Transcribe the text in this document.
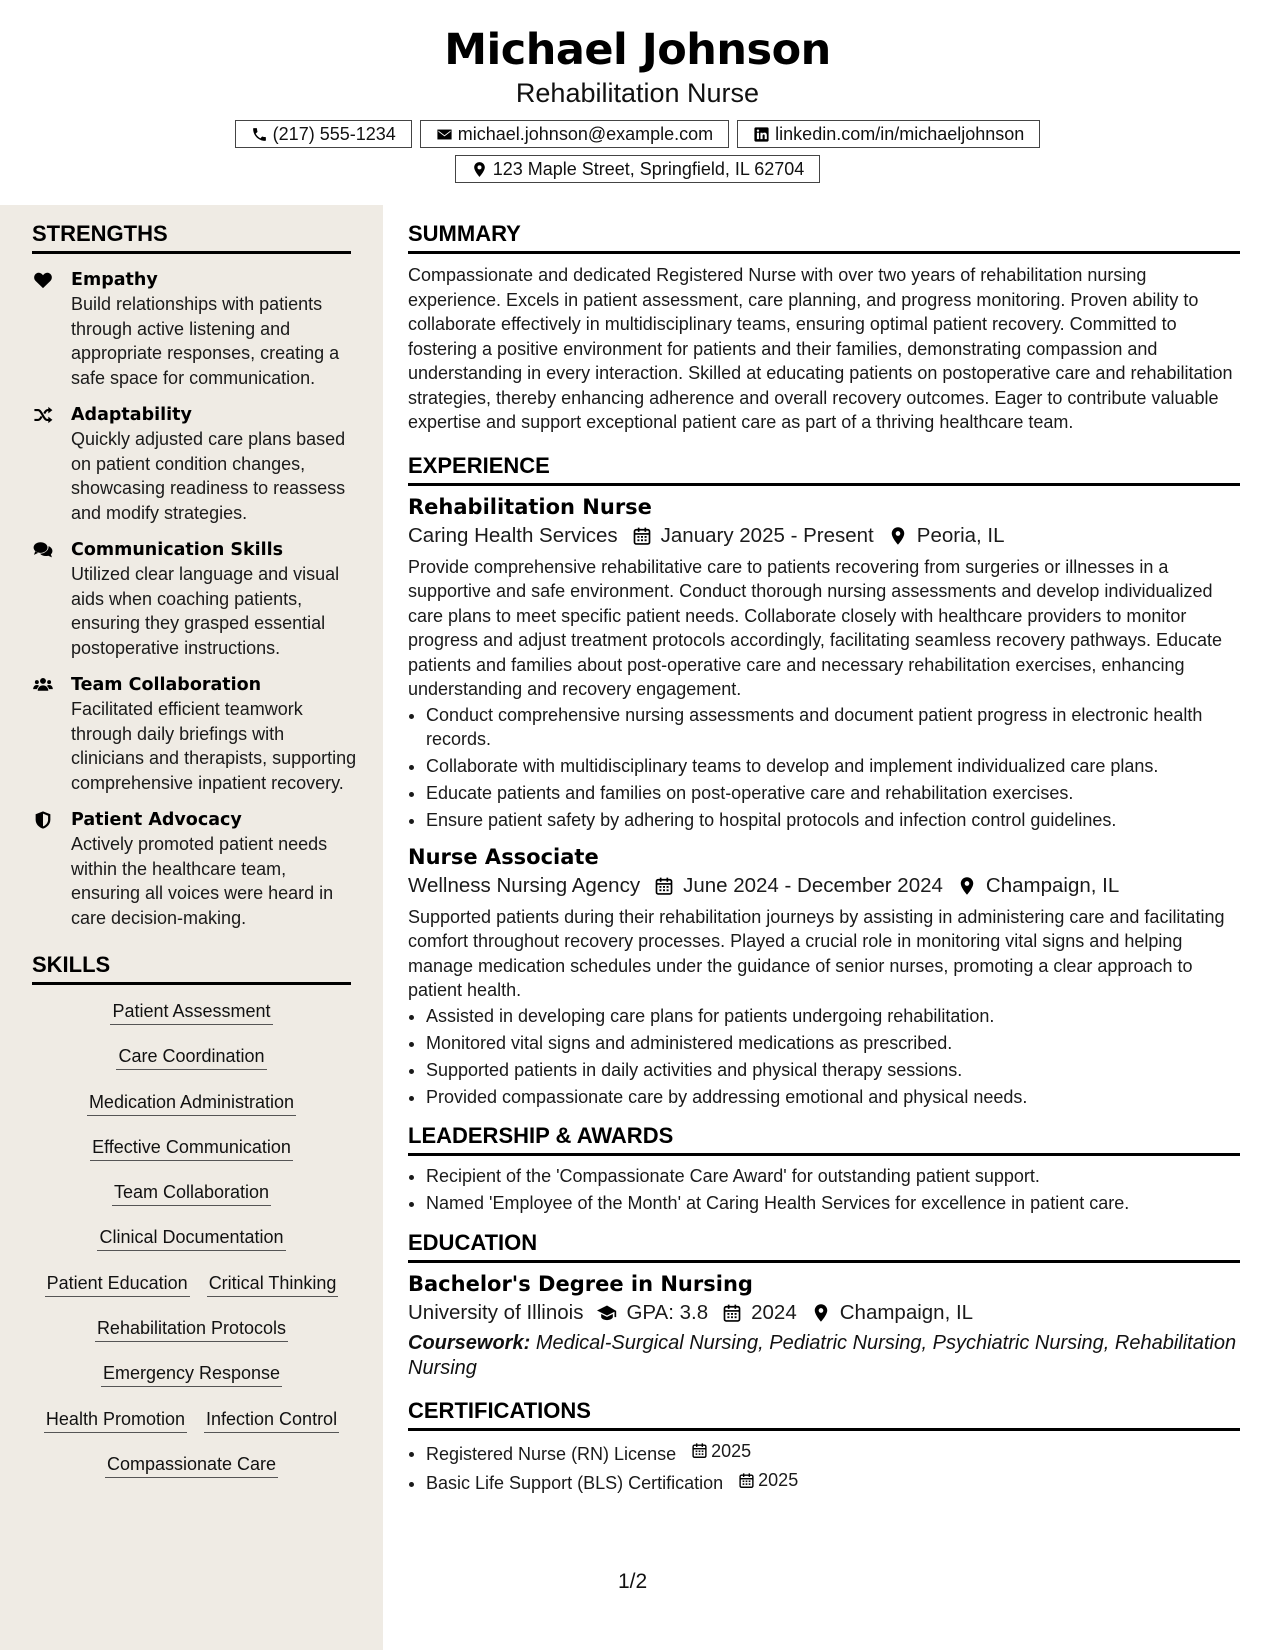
Michael Johnson
Rehabilitation Nurse
(217) 555-1234	michael.johnson@example.com	linkedin.com/in/michaeljohnson
123 Maple Street, Springfield, IL 62704
STRENGTHS
Empathy
Build relationships with patients through active listening and appropriate responses, creating a safe space for communication.
Adaptability
Quickly adjusted care plans based on patient condition changes, showcasing readiness to reassess and modify strategies.
Communication Skills
Utilized clear language and visual aids when coaching patients, ensuring they grasped essential postoperative instructions.
Team Collaboration
Facilitated efficient teamwork through daily briefings with clinicians and therapists, supporting comprehensive inpatient recovery.
Patient Advocacy
Actively promoted patient needs within the healthcare team, ensuring all voices were heard in care decision-making.
SKILLS
Patient Assessment
Care Coordination
Medication Administration
Effective Communication
Team Collaboration
Clinical Documentation
Patient Education Critical Thinking
Rehabilitation Protocols
Emergency Response
Health Promotion Infection Control
Compassionate Care
SUMMARY

Compassionate and dedicated Registered Nurse with over two years of rehabilitation nursing experience. Excels in patient assessment, care planning, and progress monitoring. Proven ability to collaborate effectively in multidisciplinary teams, ensuring optimal patient recovery. Committed to fostering a positive environment for patients and their families, demonstrating compassion and understanding in every interaction. Skilled at educating patients on postoperative care and rehabilitation strategies, thereby enhancing adherence and overall recovery outcomes. Eager to contribute valuable expertise and support exceptional patient care as part of a thriving healthcare team.

EXPERIENCE
Rehabilitation Nurse
Caring Health Services January 2025 - Present Peoria, IL

Provide comprehensive rehabilitative care to patients recovering from surgeries or illnesses in a supportive and safe environment. Conduct thorough nursing assessments and develop individualized care plans to meet specific patient needs. Collaborate closely with healthcare providers to monitor progress and adjust treatment protocols accordingly, facilitating seamless recovery pathways. Educate patients and families about post-operative care and necessary rehabilitation exercises, enhancing understanding and recovery engagement.

• Conduct comprehensive nursing assessments and document patient progress in electronic health records.
• Collaborate with multidisciplinary teams to develop and implement individualized care plans.
• Educate patients and families on post-operative care and rehabilitation exercises.
• Ensure patient safety by adhering to hospital protocols and infection control guidelines.
Nurse Associate
Wellness Nursing Agency June 2024 - December 2024 Champaign, IL

Supported patients during their rehabilitation journeys by assisting in administering care and facilitating comfort throughout recovery processes. Played a crucial role in monitoring vital signs and helping manage medication schedules under the guidance of senior nurses, promoting a clear approach to patient health.

• Assisted in developing care plans for patients undergoing rehabilitation.
• Monitored vital signs and administered medications as prescribed.
• Supported patients in daily activities and physical therapy sessions.
• Provided compassionate care by addressing emotional and physical needs.
LEADERSHIP & AWARDS
• Recipient of the 'Compassionate Care Award' for outstanding patient support.
• Named 'Employee of the Month' at Caring Health Services for excellence in patient care.
EDUCATION
Bachelor's Degree in Nursing
University of Illinois GPA: 3.8 2024 Champaign, IL
Coursework: Medical-Surgical Nursing, Pediatric Nursing, Psychiatric Nursing, Rehabilitation Nursing
CERTIFICATIONS
• Registered Nurse (RN) License 2025
• Basic Life Support (BLS) Certification 2025
1/2
